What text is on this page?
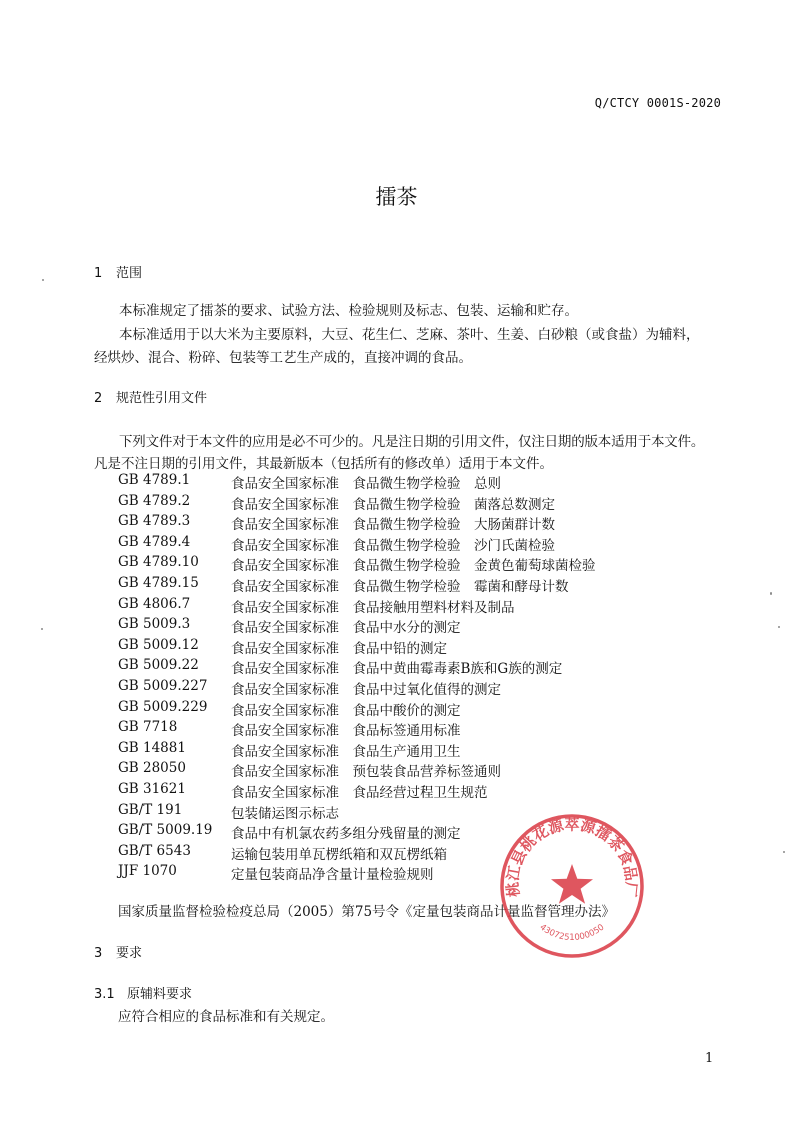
Q/CTCY 0001S-2020
擂茶
1 范围
本标准规定了擂茶的要求、试验方法、检验规则及标志、包装、运输和贮存。
本标准适用于以大米为主要原料，大豆、花生仁、芝麻、茶叶、生姜、白砂粮（或食盐）为辅料，
经烘炒、混合、粉碎、包装等工艺生产成的，直接冲调的食品。
2 规范性引用文件
下列文件对于本文件的应用是必不可少的。凡是注日期的引用文件，仅注日期的版本适用于本文件。
凡是不注日期的引用文件，其最新版本（包括所有的修改单）适用于本文件。
GB 4789.1	食品安全国家标准　食品微生物学检验　总则
GB 4789.2	食品安全国家标准　食品微生物学检验　菌落总数测定
GB 4789.3	食品安全国家标准　食品微生物学检验　大肠菌群计数
GB 4789.4	食品安全国家标准　食品微生物学检验　沙门氏菌检验
GB 4789.10 食品安全国家标准　食品微生物学检验　金黄色葡萄球菌检验
GB 4789.15 食品安全国家标准　食品微生物学检验　霉菌和酵母计数
GB 4806.7	食品安全国家标准　食品接触用塑料材料及制品
GB 5009.3	食品安全国家标准　食品中水分的测定
GB 5009.12 食品安全国家标准　食品中铅的测定
GB 5009.22 食品安全国家标准　食品中黄曲霉毒素B族和G族的测定
GB 5009.227 食品安全国家标准　食品中过氧化值得的测定
GB 5009.229 食品安全国家标准　食品中酸价的测定
GB 7718	食品安全国家标准　食品标签通用标准
GB 14881	食品安全国家标准　食品生产通用卫生
GB 28050	食品安全国家标准　预包装食品营养标签通则
GB 31621	食品安全国家标准　食品经营过程卫生规范
GB/T 191	包装储运图示标志
GB/T 5009.19 食品中有机氯农药多组分残留量的测定
GB/T 6543	运输包装用单瓦楞纸箱和双瓦楞纸箱
JJF 1070	定量包装商品净含量计量检验规则
国家质量监督检验检疫总局（2005）第75号令《定量包装商品计量监督管理办法》
3 要求
3.1 原辅料要求
应符合相应的食品标准和有关规定。
1
桃江县桃花源萃源擂茶食品厂
4307251000050
